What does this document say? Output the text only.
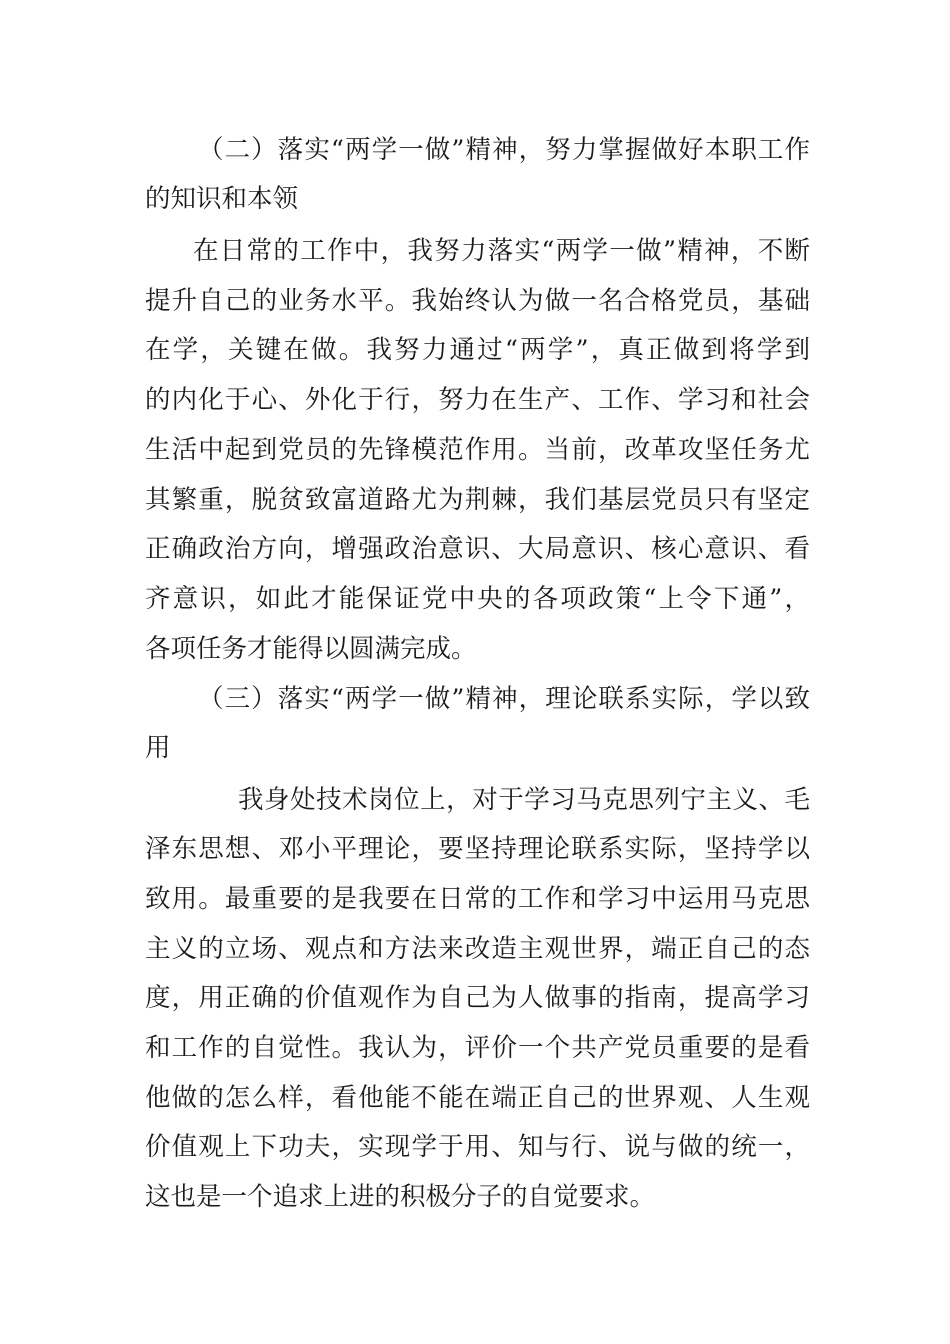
（二）落实“两学一做”精神，努力掌握做好本职工作
的知识和本领
在日常的工作中，我努力落实“两学一做”精神，不断
提升自己的业务水平。我始终认为做一名合格党员，基础
在学，关键在做。我努力通过“两学”，真正做到将学到
的内化于心、外化于行，努力在生产、工作、学习和社会
生活中起到党员的先锋模范作用。当前，改革攻坚任务尤
其繁重，脱贫致富道路尤为荆棘，我们基层党员只有坚定
正确政治方向，增强政治意识、大局意识、核心意识、看
齐意识，如此才能保证党中央的各项政策“上令下通”，
各项任务才能得以圆满完成。
（三）落实“两学一做”精神，理论联系实际，学以致
用
我身处技术岗位上，对于学习马克思列宁主义、毛
泽东思想、邓小平理论，要坚持理论联系实际，坚持学以
致用。最重要的是我要在日常的工作和学习中运用马克思
主义的立场、观点和方法来改造主观世界，端正自己的态
度，用正确的价值观作为自己为人做事的指南，提高学习
和工作的自觉性。我认为，评价一个共产党员重要的是看
他做的怎么样，看他能不能在端正自己的世界观、人生观
价值观上下功夫，实现学于用、知与行、说与做的统一，
这也是一个追求上进的积极分子的自觉要求。
